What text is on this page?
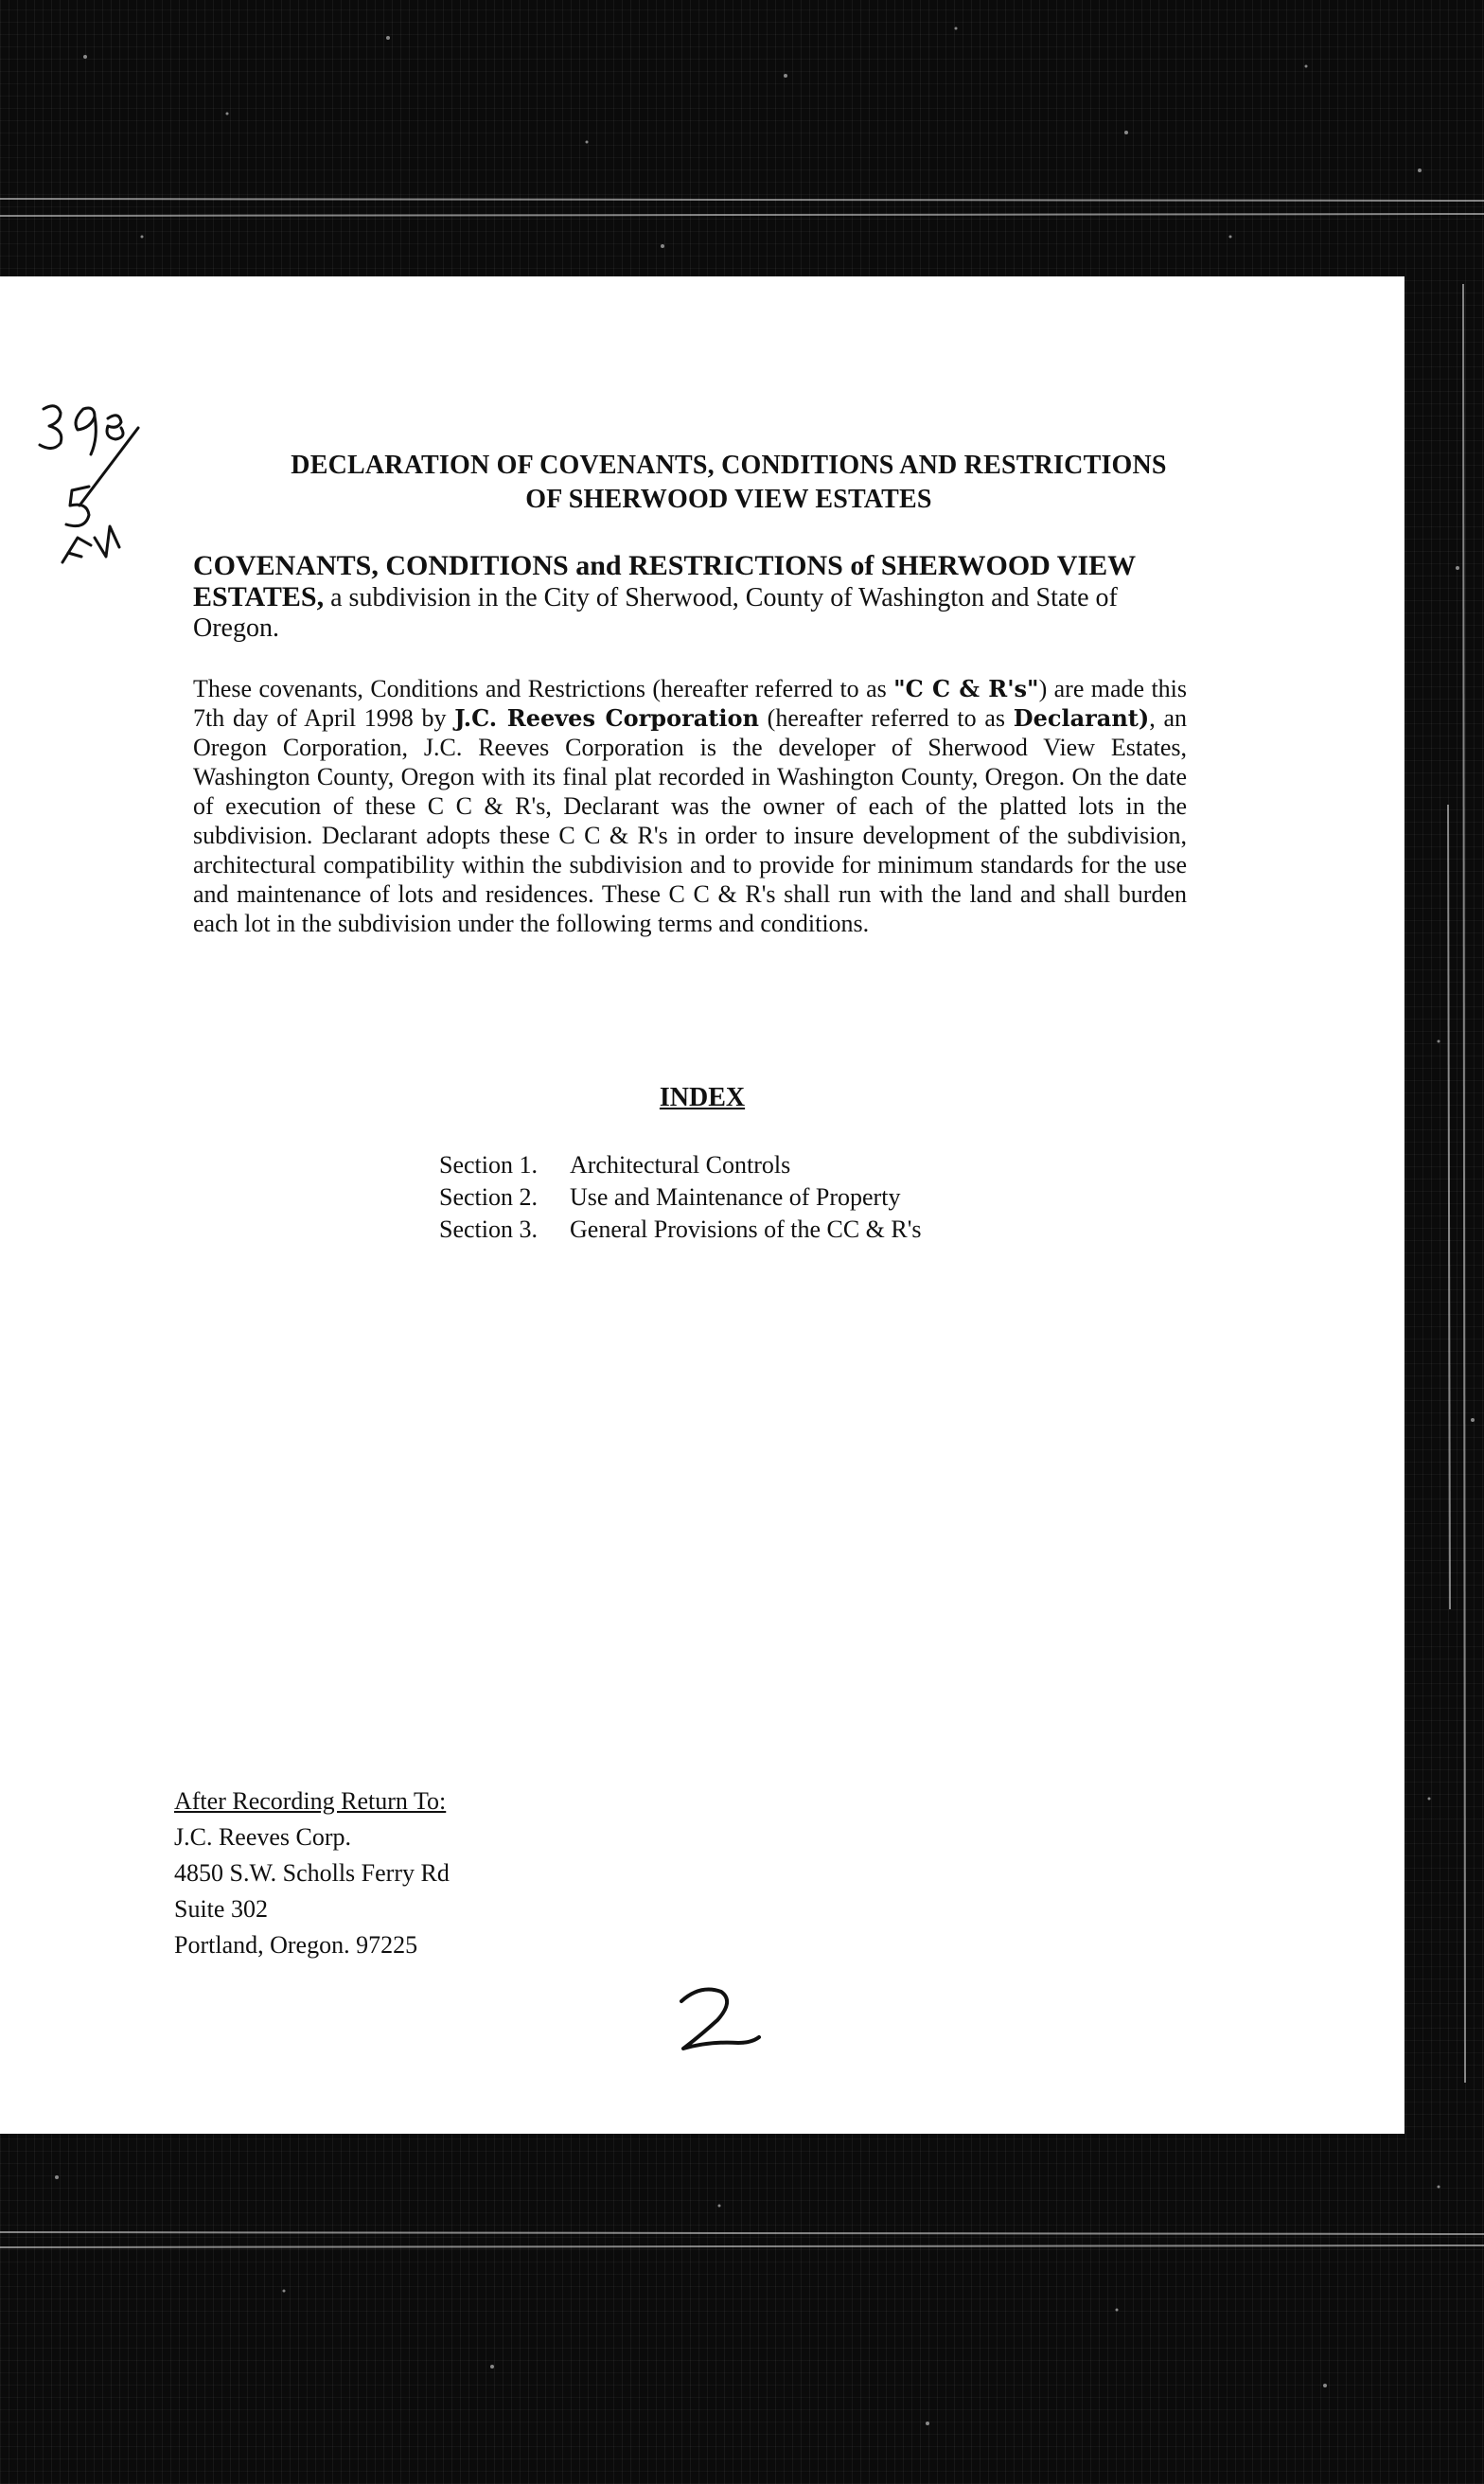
DECLARATION OF COVENANTS, CONDITIONS AND RESTRICTIONS
OF SHERWOOD VIEW ESTATES
COVENANTS, CONDITIONS and RESTRICTIONS of SHERWOOD VIEW ESTATES, a subdivision in the City of Sherwood, County of Washington and State of Oregon.
These covenants, Conditions and Restrictions (hereafter referred to as "C C & R's") are made this 7th day of April 1998 by J.C. Reeves Corporation (hereafter referred to as Declarant), an Oregon Corporation, J.C. Reeves Corporation is the developer of Sherwood View Estates, Washington County, Oregon with its final plat recorded in Washington County, Oregon. On the date of execution of these C C & R's, Declarant was the owner of each of the platted lots in the subdivision. Declarant adopts these C C & R's in order to insure development of the subdivision, architectural compatibility within the subdivision and to provide for minimum standards for the use and maintenance of lots and residences. These C C & R's shall run with the land and shall burden each lot in the subdivision under the following terms and conditions.
INDEX
Section 1.	Architectural Controls
Section 2.	Use and Maintenance of Property
Section 3.	General Provisions of the CC & R's
After Recording Return To:
J.C. Reeves Corp.
4850 S.W. Scholls Ferry Rd
Suite 302
Portland, Oregon. 97225
